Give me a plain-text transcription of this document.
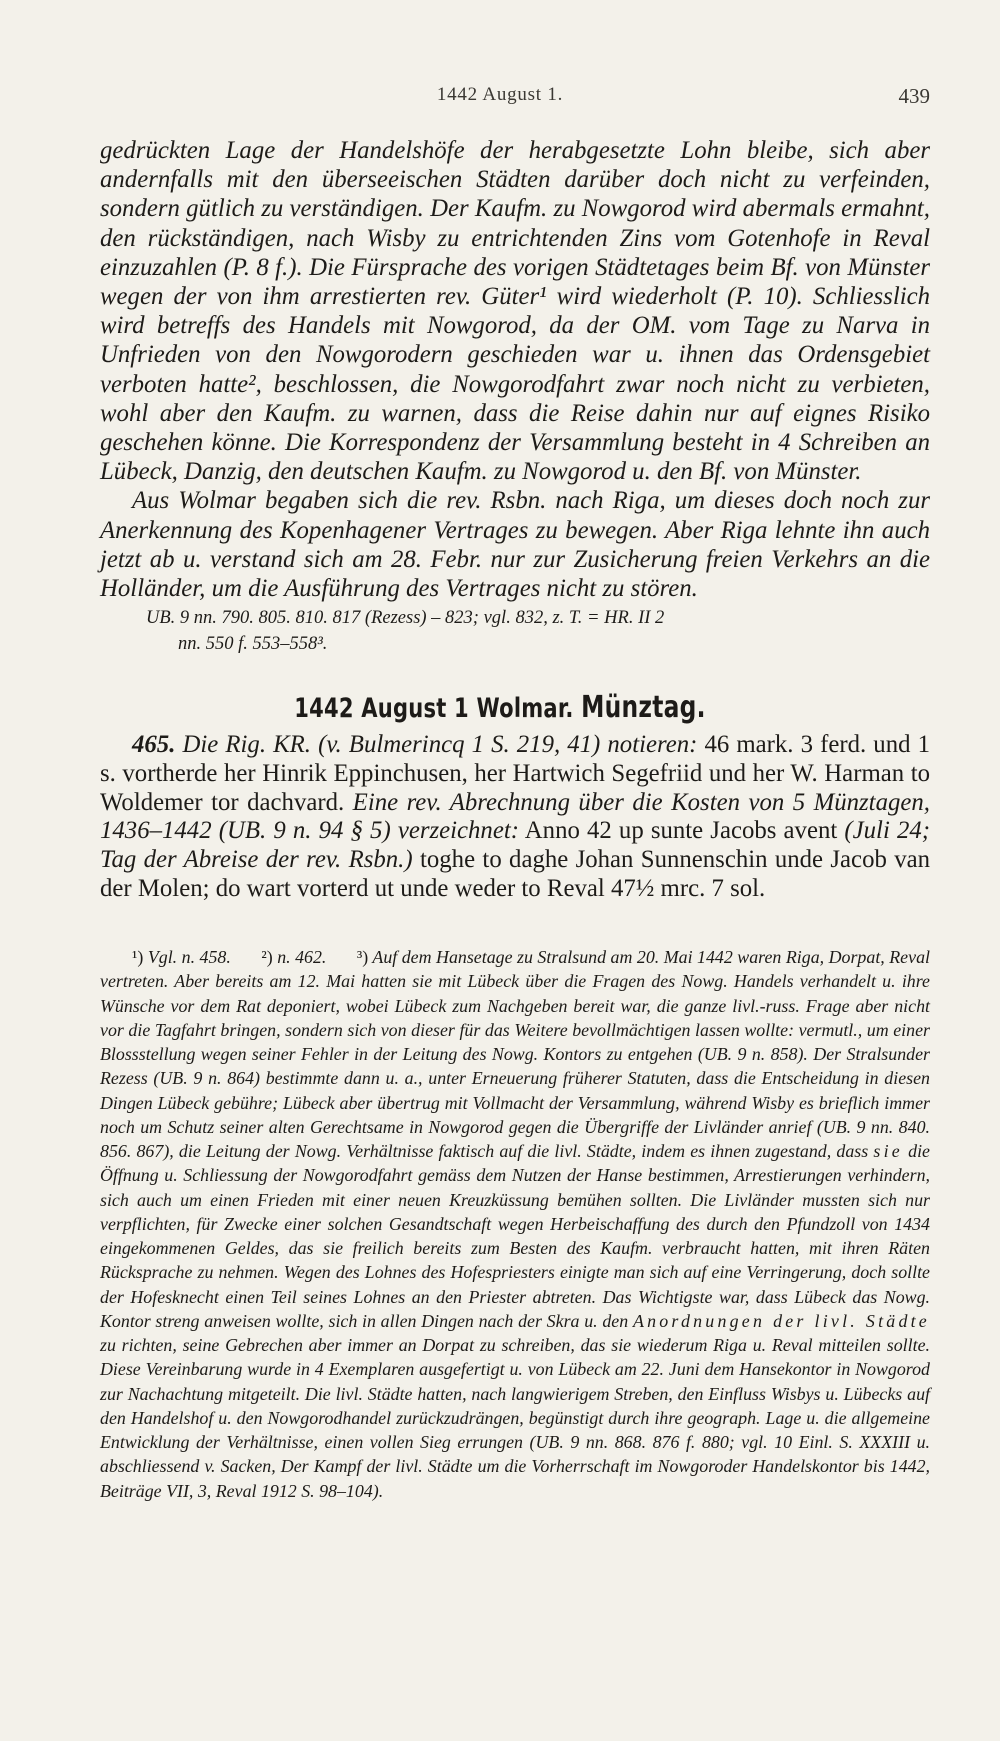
1442 August 1.	439

gedrückten Lage der Handelshöfe der herabgesetzte Lohn bleibe, sich aber andernfalls mit den überseeischen Städten darüber doch nicht zu verfeinden, sondern gütlich zu verständigen. Der Kaufm. zu Nowgorod wird abermals ermahnt, den rückständigen, nach Wisby zu entrichtenden Zins vom Gotenhofe in Reval einzuzahlen (P. 8 f.). Die Fürsprache des vorigen Städtetages beim Bf. von Münster wegen der von ihm arrestierten rev. Güter¹ wird wiederholt (P. 10). Schliesslich wird betreffs des Handels mit Nowgorod, da der OM. vom Tage zu Narva in Unfrieden von den Nowgorodern geschieden war u. ihnen das Ordensgebiet verboten hatte², beschlossen, die Nowgorodfahrt zwar noch nicht zu verbieten, wohl aber den Kaufm. zu warnen, dass die Reise dahin nur auf eignes Risiko geschehen könne. Die Korrespondenz der Versammlung besteht in 4 Schreiben an Lübeck, Danzig, den deutschen Kaufm. zu Nowgorod u. den Bf. von Münster.

Aus Wolmar begaben sich die rev. Rsbn. nach Riga, um dieses doch noch zur Anerkennung des Kopenhagener Vertrages zu bewegen. Aber Riga lehnte ihn auch jetzt ab u. verstand sich am 28. Febr. nur zur Zusicherung freien Verkehrs an die Holländer, um die Ausführung des Vertrages nicht zu stören.

UB. 9 nn. 790. 805. 810. 817 (Rezess) – 823; vgl. 832, z. T. = HR. II 2
nn. 550 f. 553–558³.

1442 August 1 Wolmar. Münztag.
465. Die Rig. KR. (v. Bulmerincq 1 S. 219, 41) notieren: 46 mark. 3 ferd. und 1 s. vortherde her Hinrik Eppinchusen, her Hartwich Segefriid und her W. Harman to Woldemer tor dachvard. Eine rev. Abrechnung über die Kosten von 5 Münztagen, 1436–1442 (UB. 9 n. 94 § 5) verzeichnet: Anno 42 up sunte Jacobs avent (Juli 24; Tag der Abreise der rev. Rsbn.) toghe to daghe Johan Sunnenschin unde Jacob van der Molen; do wart vorterd ut unde weder to Reval 47½ mrc. 7 sol.

¹) Vgl. n. 458. ²) n. 462. ³) Auf dem Hansetage zu Stralsund am 20. Mai 1442 waren Riga, Dorpat, Reval vertreten. Aber bereits am 12. Mai hatten sie mit Lübeck über die Fragen des Nowg. Handels verhandelt u. ihre Wünsche vor dem Rat deponiert, wobei Lübeck zum Nachgeben bereit war, die ganze livl.-russ. Frage aber nicht vor die Tagfahrt bringen, sondern sich von dieser für das Weitere bevollmächtigen lassen wollte: vermutl., um einer Blossstellung wegen seiner Fehler in der Leitung des Nowg. Kontors zu entgehen (UB. 9 n. 858). Der Stralsunder Rezess (UB. 9 n. 864) bestimmte dann u. a., unter Erneuerung früherer Statuten, dass die Entscheidung in diesen Dingen Lübeck gebühre; Lübeck aber übertrug mit Vollmacht der Versammlung, während Wisby es brieflich immer noch um Schutz seiner alten Gerechtsame in Nowgorod gegen die Übergriffe der Livländer anrief (UB. 9 nn. 840. 856. 867), die Leitung der Nowg. Verhältnisse faktisch auf die livl. Städte, indem es ihnen zugestand, dass sie die Öffnung u. Schliessung der Nowgorodfahrt gemäss dem Nutzen der Hanse bestimmen, Arrestierungen verhindern, sich auch um einen Frieden mit einer neuen Kreuzküssung bemühen sollten. Die Livländer mussten sich nur verpflichten, für Zwecke einer solchen Gesandtschaft wegen Herbeischaffung des durch den Pfundzoll von 1434 eingekommenen Geldes, das sie freilich bereits zum Besten des Kaufm. verbraucht hatten, mit ihren Räten Rücksprache zu nehmen. Wegen des Lohnes des Hofespriesters einigte man sich auf eine Verringerung, doch sollte der Hofesknecht einen Teil seines Lohnes an den Priester abtreten. Das Wichtigste war, dass Lübeck das Nowg. Kontor streng anweisen wollte, sich in allen Dingen nach der Skra u. den Anordnungen der livl. Städte zu richten, seine Gebrechen aber immer an Dorpat zu schreiben, das sie wiederum Riga u. Reval mitteilen sollte. Diese Vereinbarung wurde in 4 Exemplaren ausgefertigt u. von Lübeck am 22. Juni dem Hansekontor in Nowgorod zur Nachachtung mitgeteilt. Die livl. Städte hatten, nach langwierigem Streben, den Einfluss Wisbys u. Lübecks auf den Handelshof u. den Nowgorodhandel zurückzudrängen, begünstigt durch ihre geograph. Lage u. die allgemeine Entwicklung der Verhältnisse, einen vollen Sieg errungen (UB. 9 nn. 868. 876 f. 880; vgl. 10 Einl. S. XXXIII u. abschliessend v. Sacken, Der Kampf der livl. Städte um die Vorherrschaft im Nowgoroder Handelskontor bis 1442, Beiträge VII, 3, Reval 1912 S. 98–104).
